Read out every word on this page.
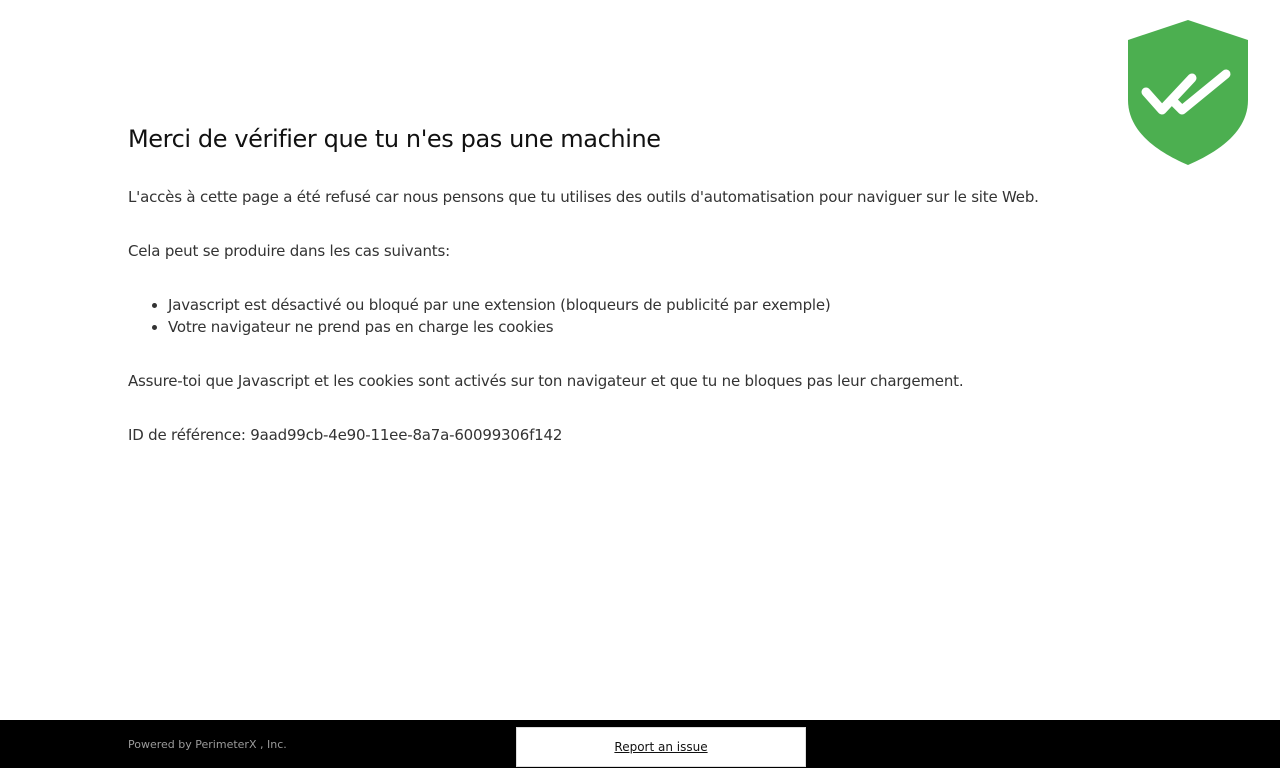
Merci de vérifier que tu n'es pas une machine

L'accès à cette page a été refusé car nous pensons que tu utilises des outils d'automatisation pour naviguer sur le site Web.

Cela peut se produire dans les cas suivants:

• Javascript est désactivé ou bloqué par une extension (bloqueurs de publicité par exemple)
• Votre navigateur ne prend pas en charge les cookies

Assure-toi que Javascript et les cookies sont activés sur ton navigateur et que tu ne bloques pas leur chargement.

ID de référence: 9aad99cb-4e90-11ee-8a7a-60099306f142

Powered by PerimeterX , Inc.	Report an issue
